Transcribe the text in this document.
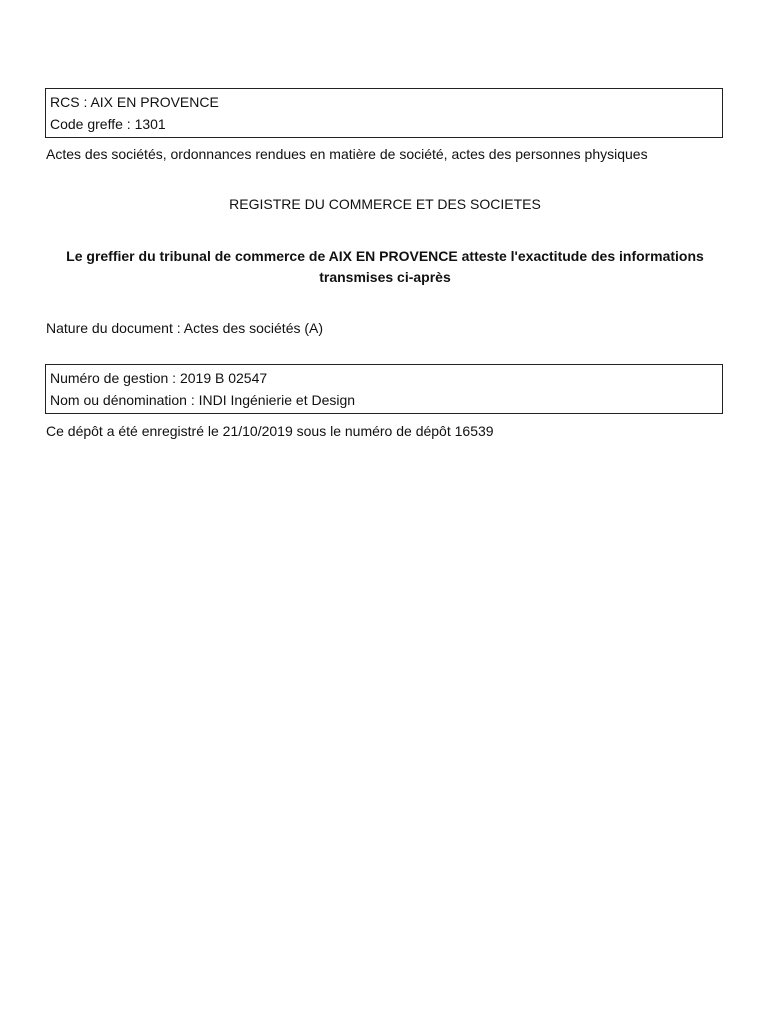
RCS : AIX EN PROVENCE
Code greffe : 1301
Actes des sociétés, ordonnances rendues en matière de société, actes des personnes physiques
REGISTRE DU COMMERCE ET DES SOCIETES
Le greffier du tribunal de commerce de AIX EN PROVENCE atteste l'exactitude des informations transmises ci-après
Nature du document : Actes des sociétés (A)
Numéro de gestion : 2019 B 02547
Nom ou dénomination : INDI Ingénierie et Design
Ce dépôt a été enregistré le 21/10/2019 sous le numéro de dépôt 16539
